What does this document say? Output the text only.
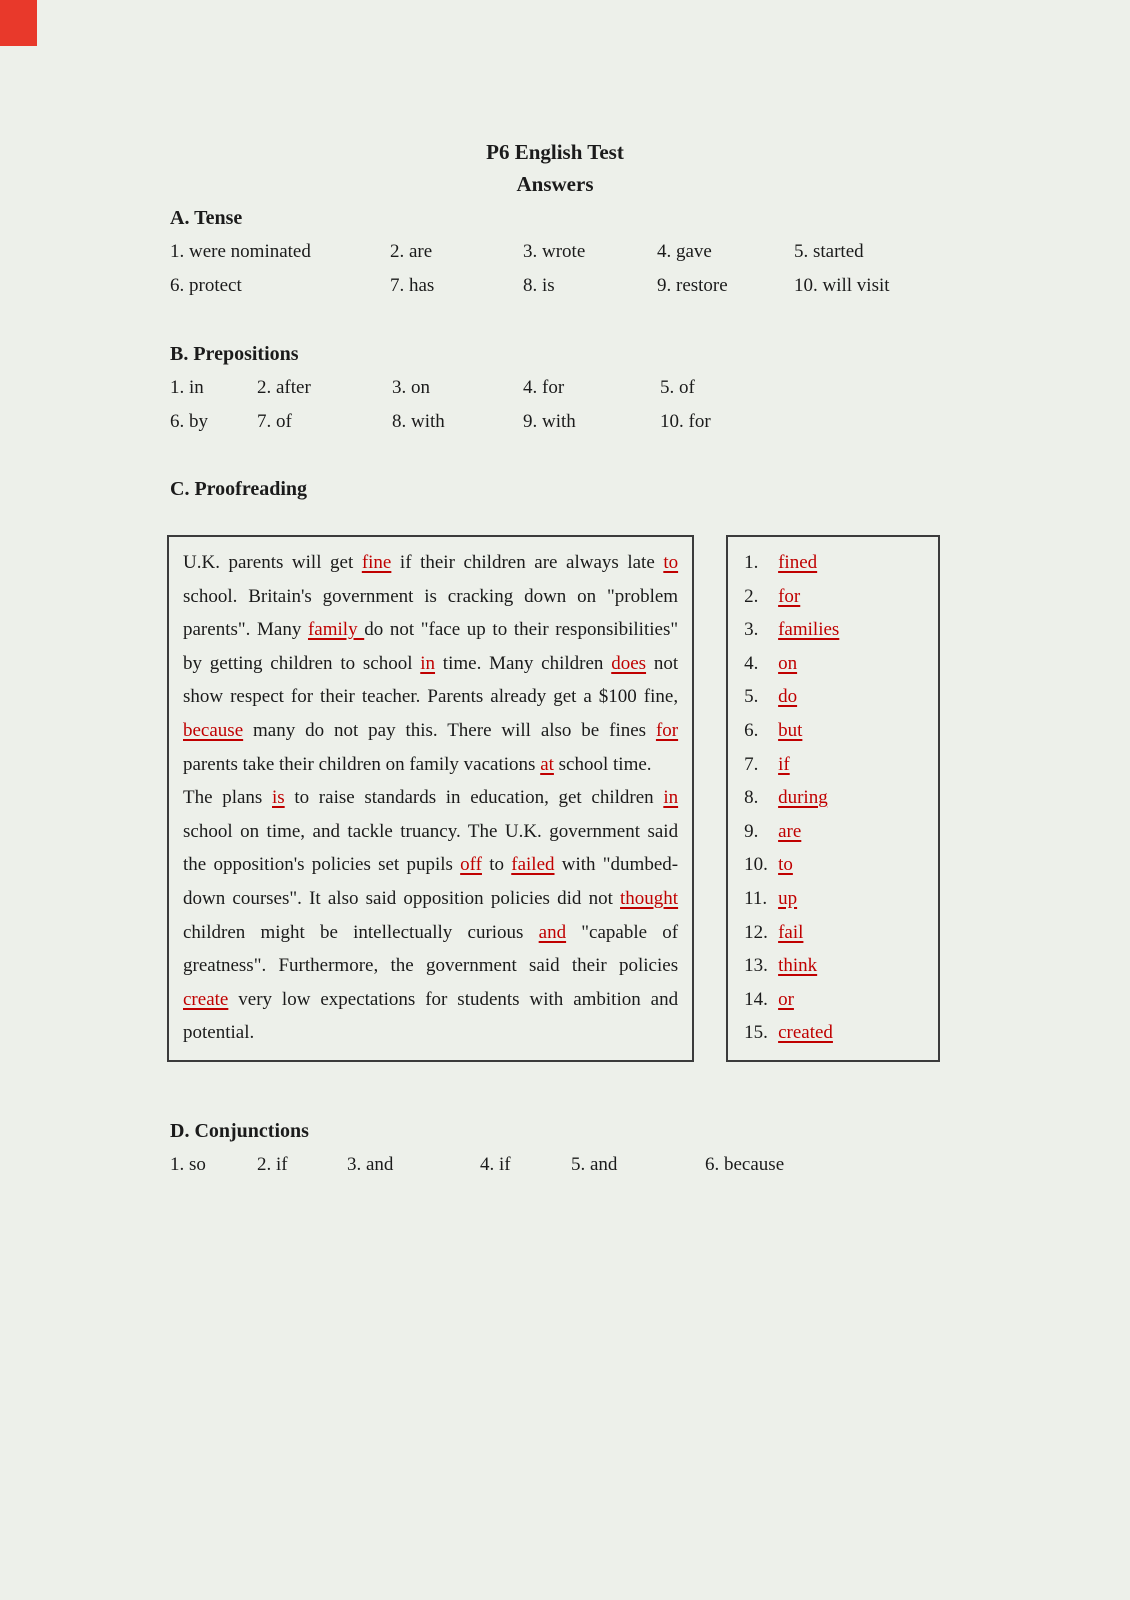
P6 English Test

Answers

A. Tense

1. were nominated	2. are	3. wrote	4. gave	5. started
6. protect	7. has	8. is	9. restore	10. will visit

B. Prepositions

1. in	2. after	3. on	4. for	5. of
6. by	7. of	8. with	9. with	10. for

C. Proofreading

U.K. parents will get fine if their children are always late to school. Britain's government is cracking down on "problem parents". Many family do not "face up to their responsibilities" by getting children to school in time. Many children does not show respect for their teacher. Parents already get a $100 fine, because many do not pay this. There will also be fines for parents take their children on family vacations at school time.

The plans is to raise standards in education, get children in school on time, and tackle truancy. The U.K. government said the opposition's policies set pupils off to failed with "dumbed-down courses". It also said opposition policies did not thought children might be intellectually curious and "capable of greatness". Furthermore, the government said their policies create very low expectations for students with ambition and potential.

1. fined
2. for
3. families
4. on
5. do
6. but
7. if
8. during
9. are
10. to
11. up
12. fail
13. think
14. or
15. created

D. Conjunctions

1. so	2. if	3. and	4. if	5. and	6. because
